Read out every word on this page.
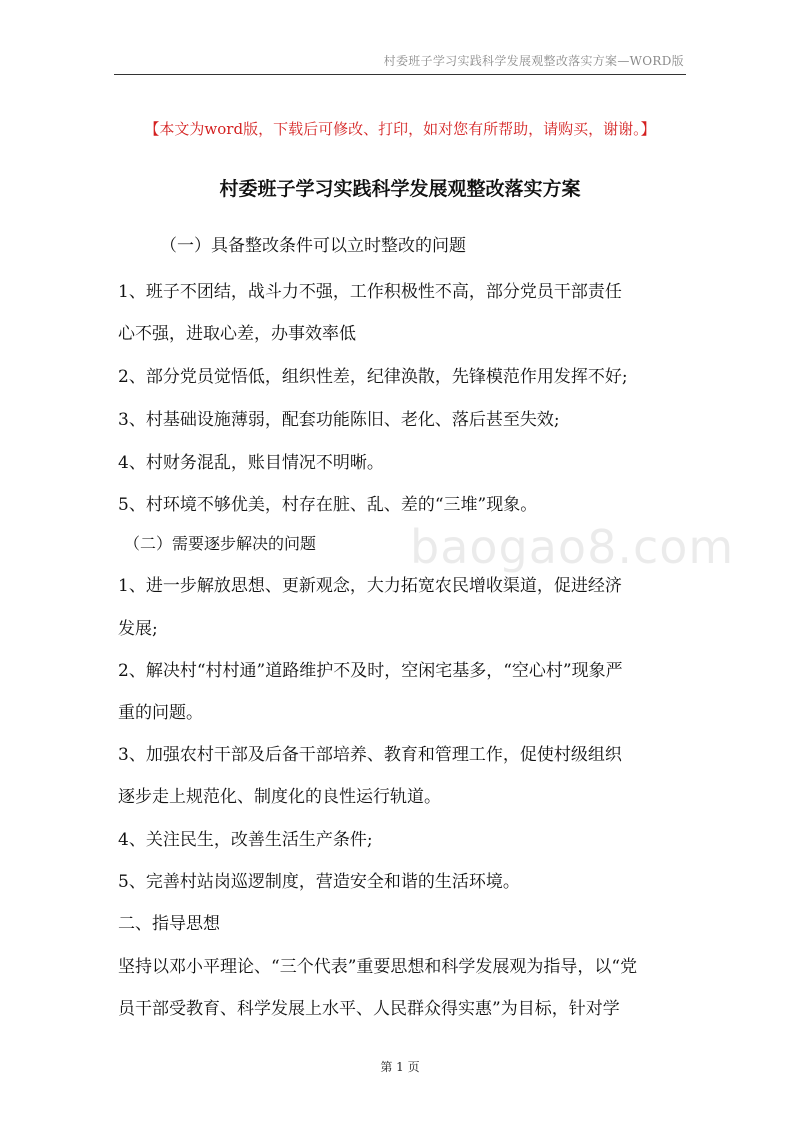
村委班子学习实践科学发展观整改落实方案—WORD版
【本文为word版，下载后可修改、打印，如对您有所帮助，请购买，谢谢。】
村委班子学习实践科学发展观整改落实方案
baogao8.com
（一）具备整改条件可以立时整改的问题
1、班子不团结，战斗力不强，工作积极性不高，部分党员干部责任
心不强，进取心差，办事效率低
2、部分党员觉悟低，组织性差，纪律涣散，先锋模范作用发挥不好;
3、村基础设施薄弱，配套功能陈旧、老化、落后甚至失效;
4、村财务混乱，账目情况不明晰。
5、村环境不够优美，村存在脏、乱、差的“三堆”现象。
（二）需要逐步解决的问题
1、进一步解放思想、更新观念，大力拓宽农民增收渠道，促进经济
发展;
2、解决村“村村通”道路维护不及时，空闲宅基多，“空心村”现象严
重的问题。
3、加强农村干部及后备干部培养、教育和管理工作，促使村级组织
逐步走上规范化、制度化的良性运行轨道。
4、关注民生，改善生活生产条件;
5、完善村站岗巡逻制度，营造安全和谐的生活环境。
二、指导思想
坚持以邓小平理论、“三个代表”重要思想和科学发展观为指导，以“党
员干部受教育、科学发展上水平、人民群众得实惠”为目标，针对学
第 1 页
